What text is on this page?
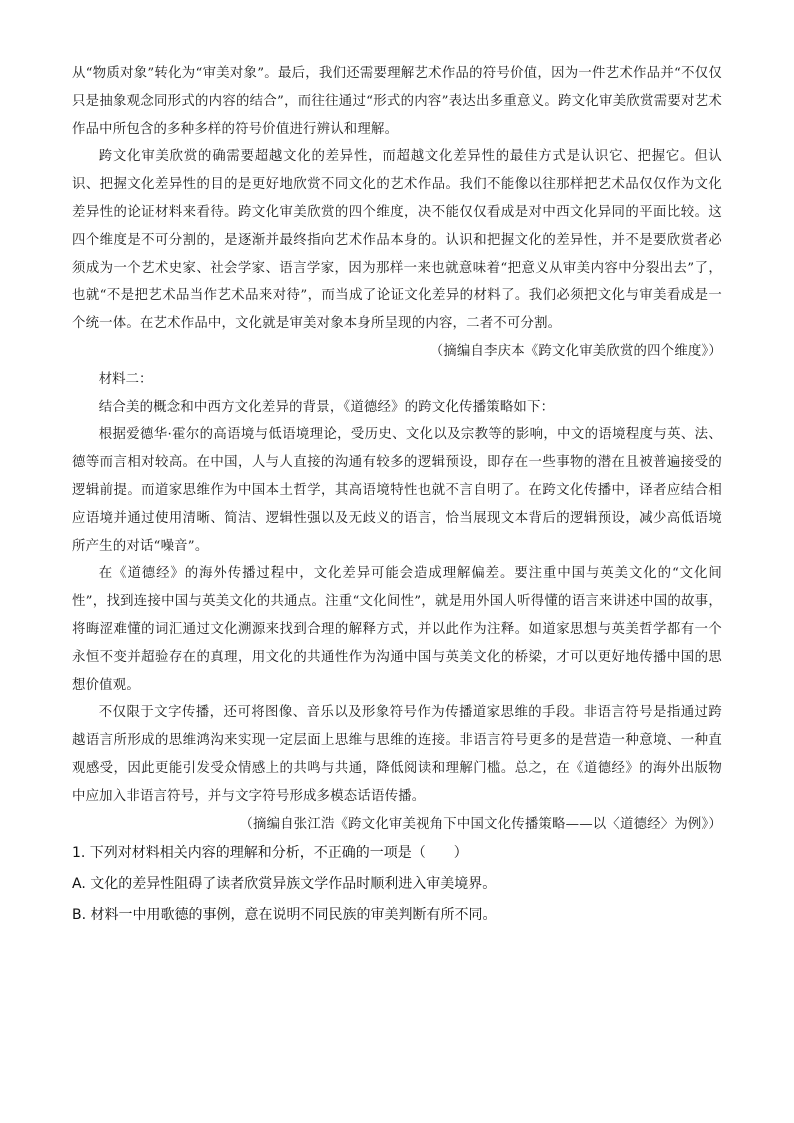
从“物质对象”转化为“审美对象”。最后，我们还需要理解艺术作品的符号价值，因为一件艺术作品并“不仅仅只是抽象观念同形式的内容的结合”，而往往通过“形式的内容”表达出多重意义。跨文化审美欣赏需要对艺术作品中所包含的多种多样的符号价值进行辨认和理解。

跨文化审美欣赏的确需要超越文化的差异性，而超越文化差异性的最佳方式是认识它、把握它。但认识、把握文化差异性的目的是更好地欣赏不同文化的艺术作品。我们不能像以往那样把艺术品仅仅作为文化差异性的论证材料来看待。跨文化审美欣赏的四个维度，决不能仅仅看成是对中西文化异同的平面比较。这四个维度是不可分割的，是逐渐并最终指向艺术作品本身的。认识和把握文化的差异性，并不是要欣赏者必须成为一个艺术史家、社会学家、语言学家，因为那样一来也就意味着“把意义从审美内容中分裂出去”了，也就“不是把艺术品当作艺术品来对待”，而当成了论证文化差异的材料了。我们必须把文化与审美看成是一个统一体。在艺术作品中，文化就是审美对象本身所呈现的内容，二者不可分割。

（摘编自李庆本《跨文化审美欣赏的四个维度》）

材料二：

结合美的概念和中西方文化差异的背景，《道德经》的跨文化传播策略如下：

根据爱德华·霍尔的高语境与低语境理论，受历史、文化以及宗教等的影响，中文的语境程度与英、法、德等而言相对较高。在中国，人与人直接的沟通有较多的逻辑预设，即存在一些事物的潜在且被普遍接受的逻辑前提。而道家思维作为中国本土哲学，其高语境特性也就不言自明了。在跨文化传播中，译者应结合相应语境并通过使用清晰、简洁、逻辑性强以及无歧义的语言，恰当展现文本背后的逻辑预设，减少高低语境所产生的对话“噪音”。

在《道德经》的海外传播过程中，文化差异可能会造成理解偏差。要注重中国与英美文化的“文化间性”，找到连接中国与英美文化的共通点。注重“文化间性”，就是用外国人听得懂的语言来讲述中国的故事，将晦涩难懂的词汇通过文化溯源来找到合理的解释方式，并以此作为注释。如道家思想与英美哲学都有一个永恒不变并超验存在的真理，用文化的共通性作为沟通中国与英美文化的桥梁，才可以更好地传播中国的思想价值观。

不仅限于文字传播，还可将图像、音乐以及形象符号作为传播道家思维的手段。非语言符号是指通过跨越语言所形成的思维鸿沟来实现一定层面上思维与思维的连接。非语言符号更多的是营造一种意境、一种直观感受，因此更能引发受众情感上的共鸣与共通，降低阅读和理解门槛。总之，在《道德经》的海外出版物中应加入非语言符号，并与文字符号形成多模态话语传播。

（摘编自张江浩《跨文化审美视角下中国文化传播策略——以〈道德经〉为例》）

1. 下列对材料相关内容的理解和分析，不正确的一项是（　　）

A. 文化的差异性阻碍了读者欣赏异族文学作品时顺利进入审美境界。

B. 材料一中用歌德的事例，意在说明不同民族的审美判断有所不同。
